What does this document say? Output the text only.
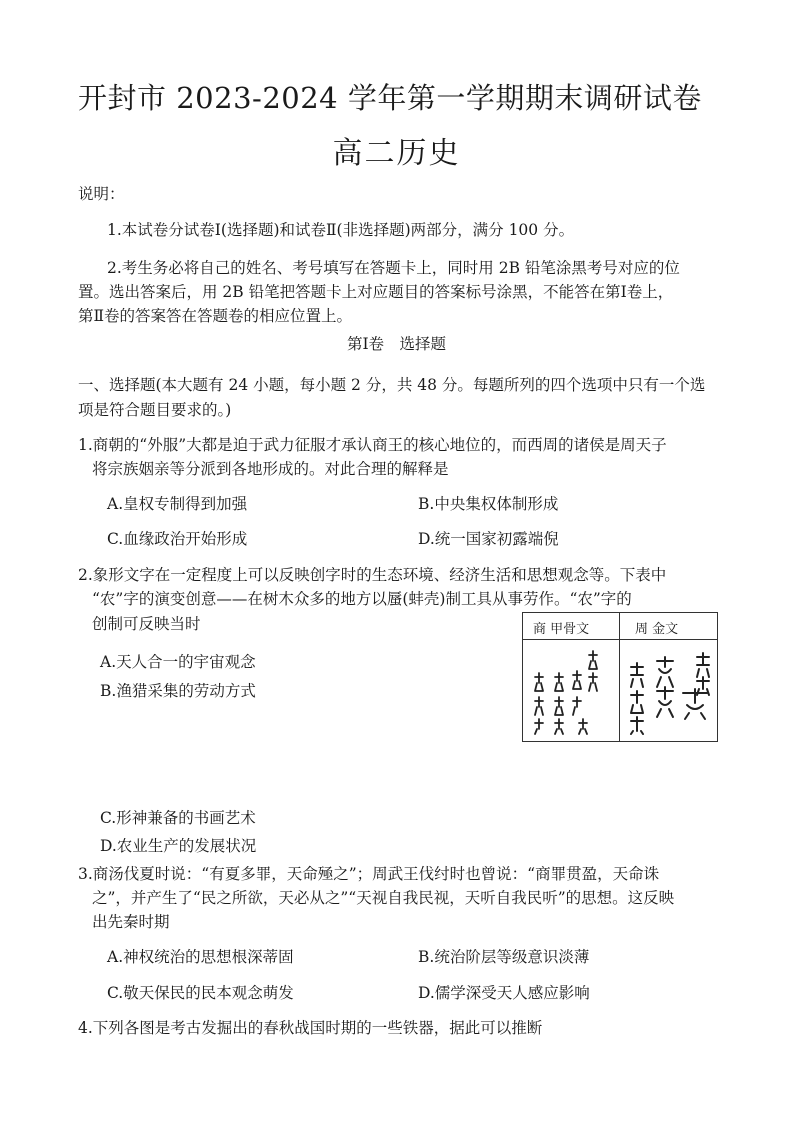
开封市 2023-2024 学年第一学期期末调研试卷
高二历史
说明：
1.本试卷分试卷Ⅰ(选择题)和试卷Ⅱ(非选择题)两部分，满分 100 分。
2.考生务必将自己的姓名、考号填写在答题卡上，同时用 2B 铅笔涂黑考号对应的位
置。选出答案后，用 2B 铅笔把答题卡上对应题目的答案标号涂黑，不能答在第Ⅰ卷上，
第Ⅱ卷的答案答在答题卷的相应位置上。
第Ⅰ卷　选择题
一、选择题(本大题有 24 小题，每小题 2 分，共 48 分。每题所列的四个选项中只有一个选
项是符合题目要求的。)
1.商朝的“外服”大都是迫于武力征服才承认商王的核心地位的，而西周的诸侯是周天子
将宗族姻亲等分派到各地形成的。对此合理的解释是
A.皇权专制得到加强	B.中央集权体制形成
C.血缘政治开始形成	D.统一国家初露端倪
2.象形文字在一定程度上可以反映创字时的生态环境、经济生活和思想观念等。下表中
“农”字的演变创意——在树木众多的地方以蜃(蚌壳)制工具从事劳作。“农”字的
创制可反映当时
A.天人合一的宇宙观念
B.渔猎采集的劳动方式
商 甲骨文	周 金文
C.形神兼备的书画艺术
D.农业生产的发展状况
3.商汤伐夏时说：“有夏多罪，天命殛之”；周武王伐纣时也曾说：“商罪贯盈，天命诛
之”，并产生了“民之所欲，天必从之”“天视自我民视，天听自我民听”的思想。这反映
出先秦时期
A.神权统治的思想根深蒂固	B.统治阶层等级意识淡薄
C.敬天保民的民本观念萌发	D.儒学深受天人感应影响
4.下列各图是考古发掘出的春秋战国时期的一些铁器，据此可以推断
